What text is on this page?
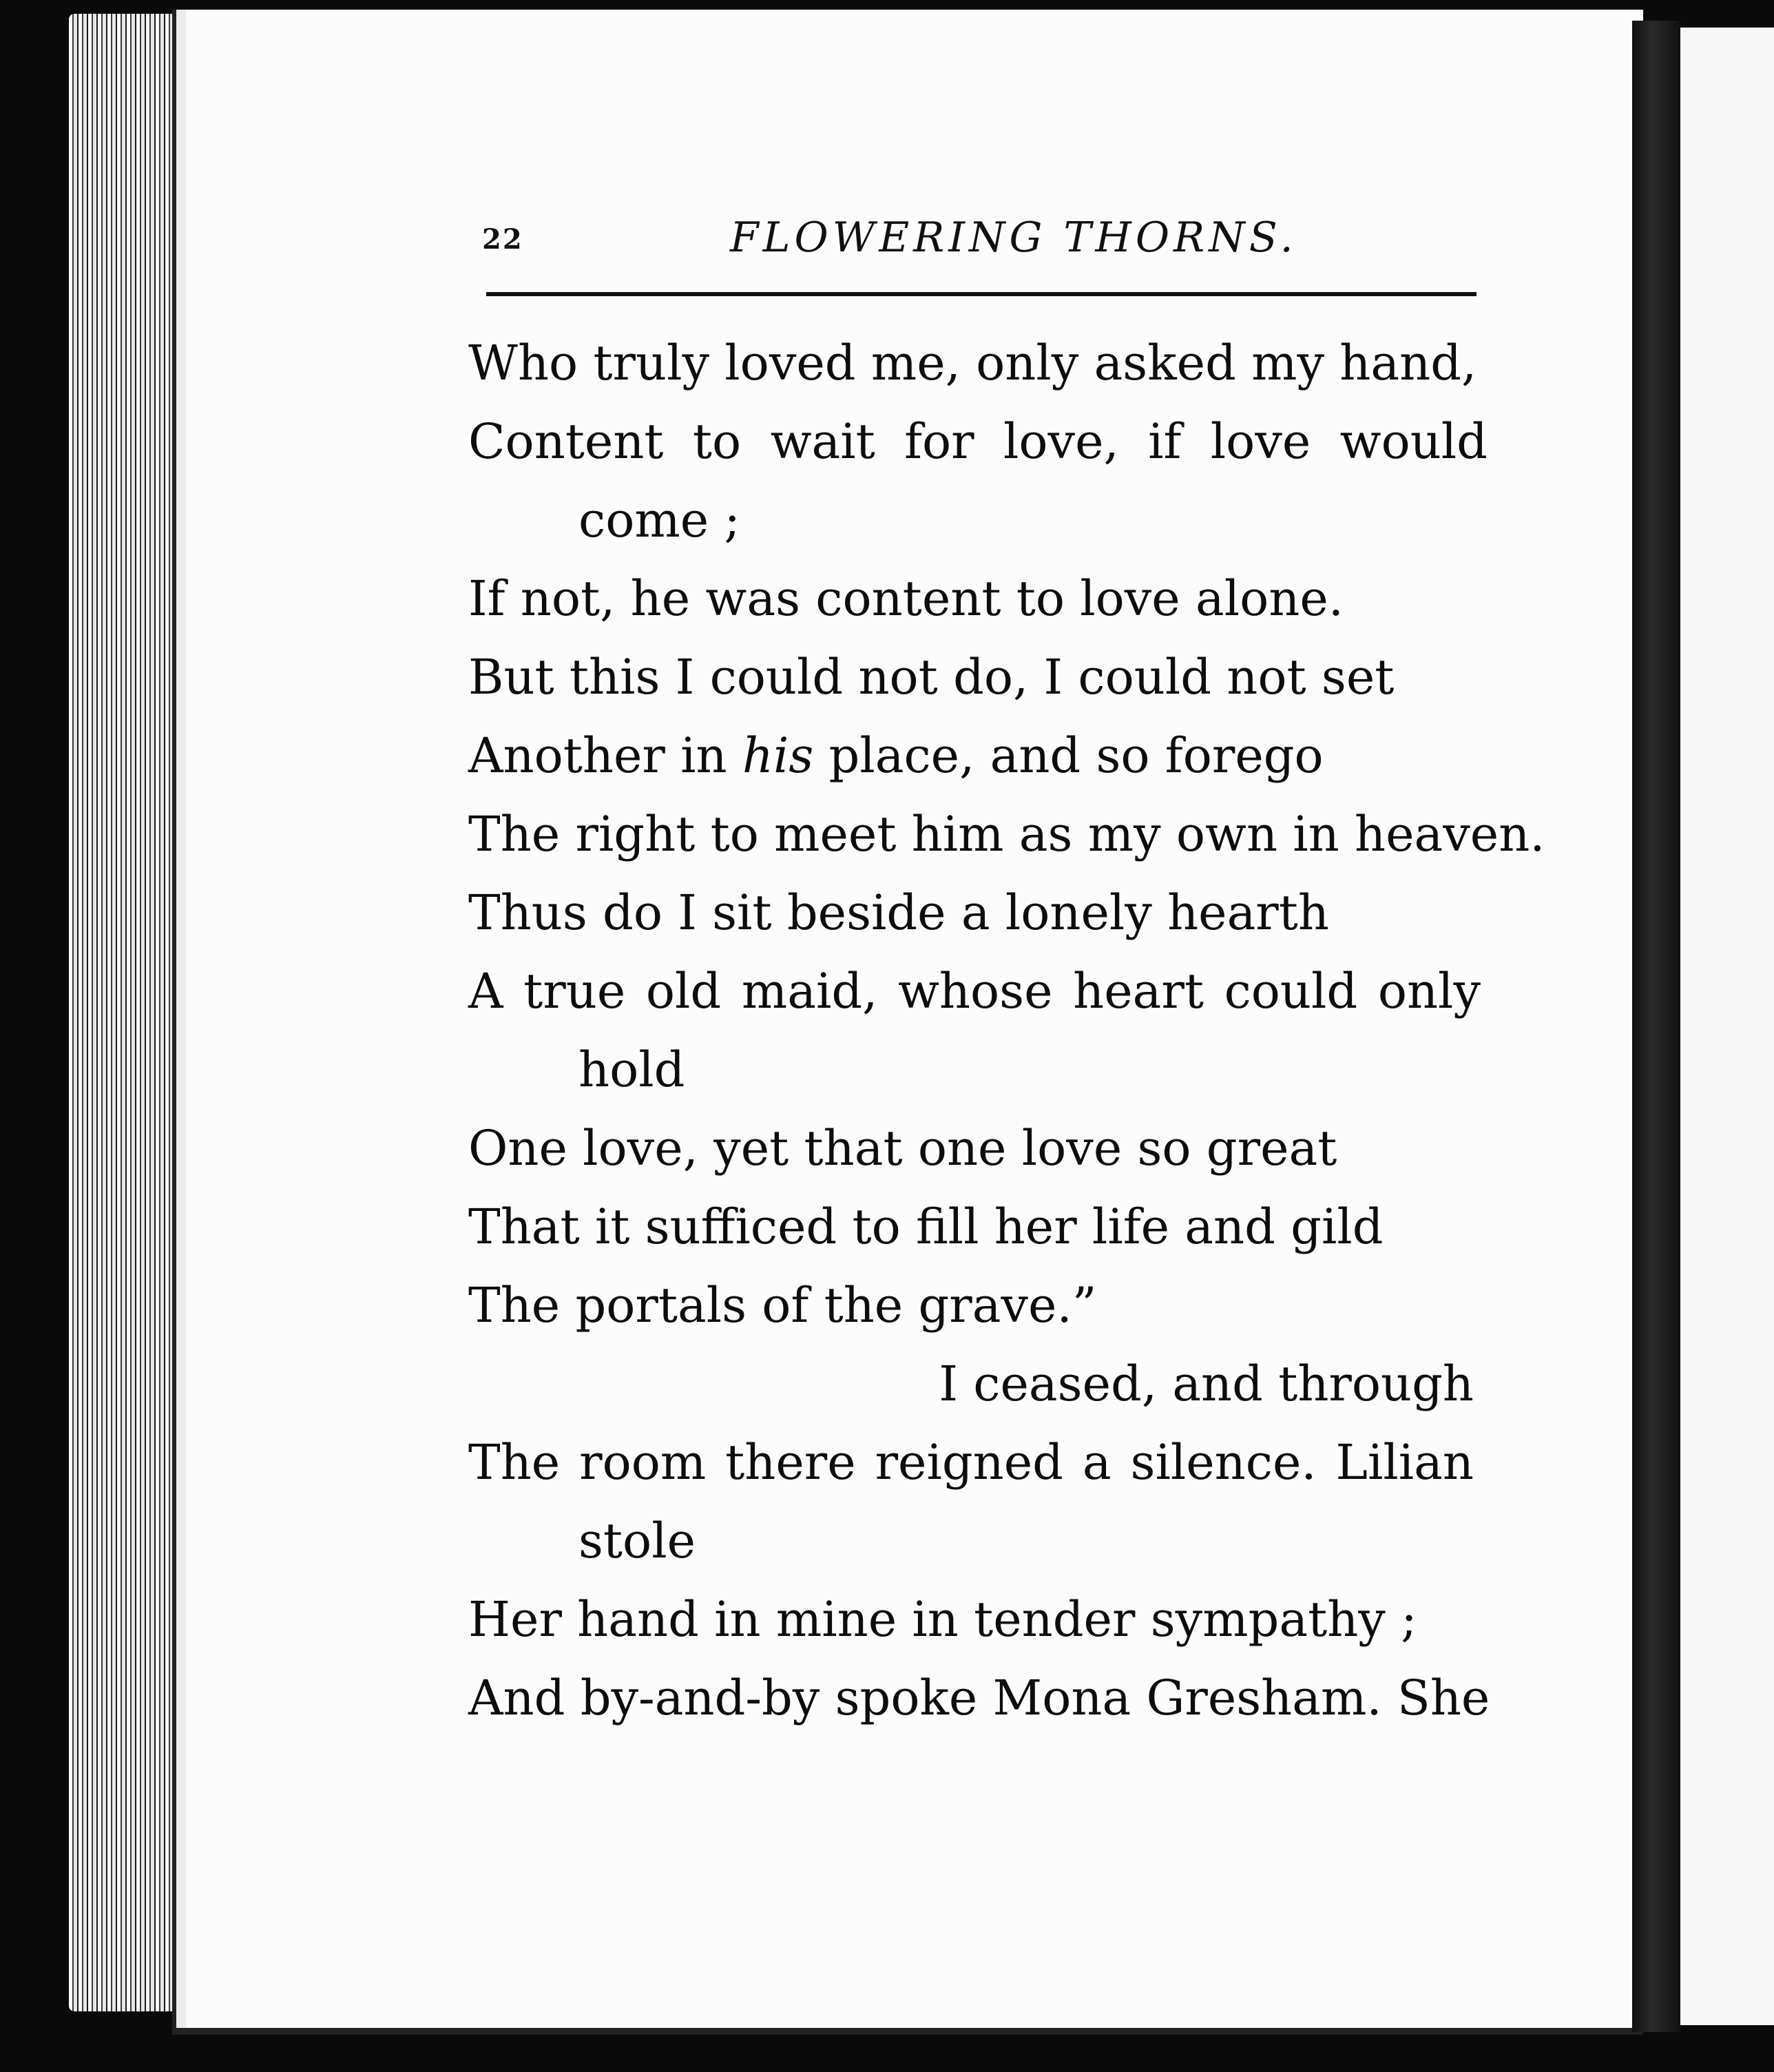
22	FLOWERING THORNS.
Who truly loved me, only asked my hand,
Content to wait for love, if love would
come ;
If not, he was content to love alone.
But this I could not do, I could not set
Another in his place, and so forego
The right to meet him as my own in heaven.
Thus do I sit beside a lonely hearth
A true old maid, whose heart could only
hold
One love, yet that one love so great
That it sufficed to fill her life and gild
The portals of the grave.”
I ceased, and through
The room there reigned a silence. Lilian
stole
Her hand in mine in tender sympathy ;
And by-and-by spoke Mona Gresham. She
